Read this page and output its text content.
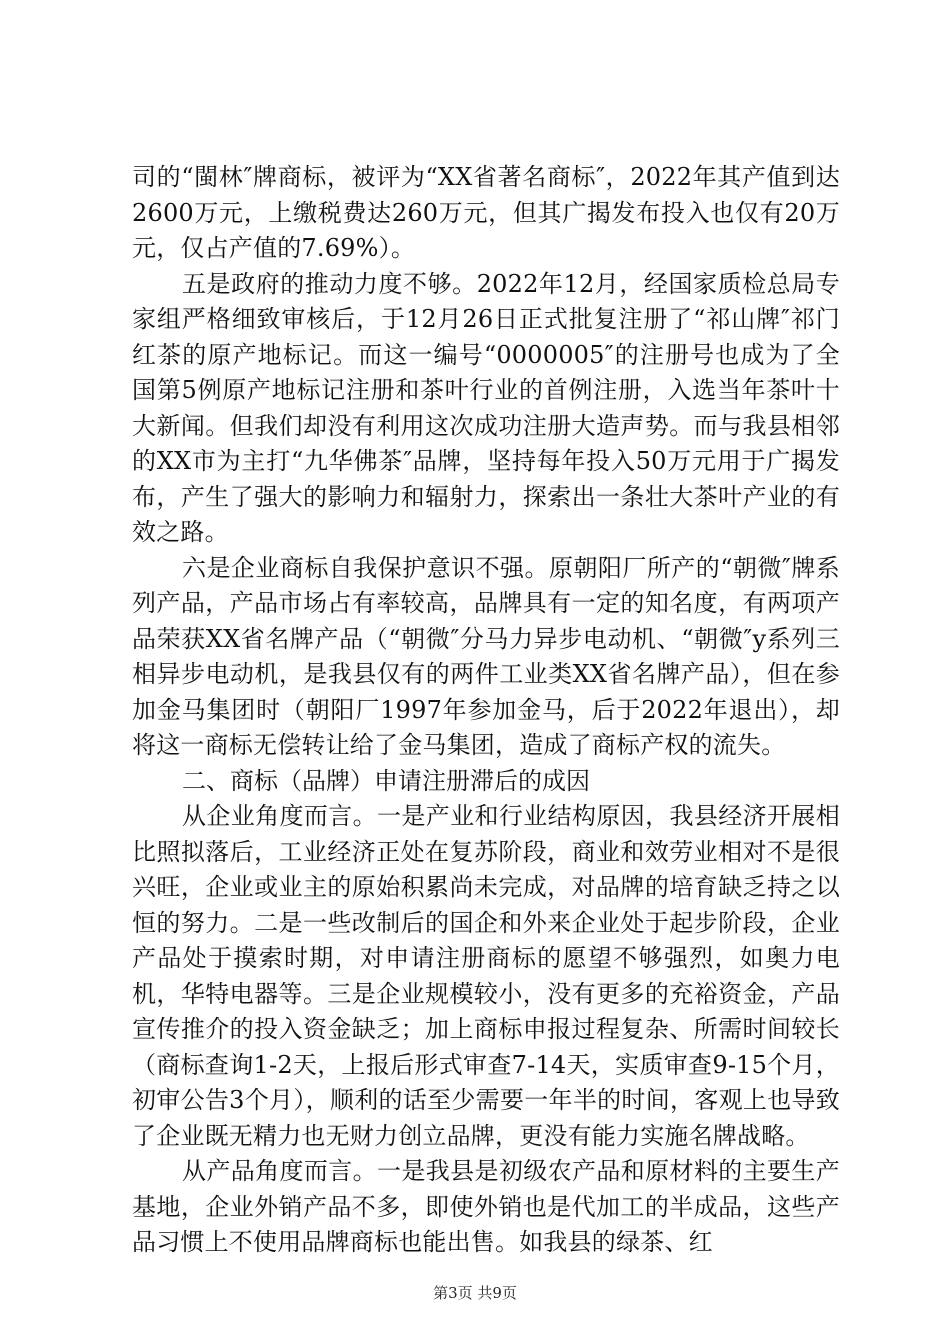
司的“閩林″牌商标，被评为“XX省著名商标″，2022年其产值到达2600万元，上缴税费达260万元，但其广揭发布投入也仅有20万元，仅占产值的7.69%）。

五是政府的推动力度不够。2022年12月，经国家质检总局专家组严格细致审核后，于12月26日正式批复注册了“祁山牌″祁门红茶的原产地标记。而这一编号“0000005″的注册号也成为了全国第5例原产地标记注册和茶叶行业的首例注册，入选当年茶叶十大新闻。但我们却没有利用这次成功注册大造声势。而与我县相邻的XX市为主打“九华佛茶″品牌，坚持每年投入50万元用于广揭发布，产生了强大的影响力和辐射力，探索出一条壮大茶叶产业的有效之路。

六是企业商标自我保护意识不强。原朝阳厂所产的“朝微″牌系列产品，产品市场占有率较高，品牌具有一定的知名度，有两项产品荣获XX省名牌产品（“朝微″分马力异步电动机、“朝微″y系列三相异步电动机，是我县仅有的两件工业类XX省名牌产品），但在参加金马集团时（朝阳厂1997年参加金马，后于2022年退出），却将这一商标无偿转让给了金马集团，造成了商标产权的流失。

二、商标（品牌）申请注册滞后的成因

从企业角度而言。一是产业和行业结构原因，我县经济开展相比照拟落后，工业经济正处在复苏阶段，商业和效劳业相对不是很兴旺，企业或业主的原始积累尚未完成，对品牌的培育缺乏持之以恒的努力。二是一些改制后的国企和外来企业处于起步阶段，企业产品处于摸索时期，对申请注册商标的愿望不够强烈，如奥力电机，华特电器等。三是企业规模较小，没有更多的充裕资金，产品宣传推介的投入资金缺乏；加上商标申报过程复杂、所需时间较长（商标查询1-2天，上报后形式审查7-14天，实质审查9-15个月，初审公告3个月），顺利的话至少需要一年半的时间，客观上也导致了企业既无精力也无财力创立品牌，更没有能力实施名牌战略。

从产品角度而言。一是我县是初级农产品和原材料的主要生产基地，企业外销产品不多，即使外销也是代加工的半成品，这些产品习惯上不使用品牌商标也能出售。如我县的绿茶、红

第3页 共9页
